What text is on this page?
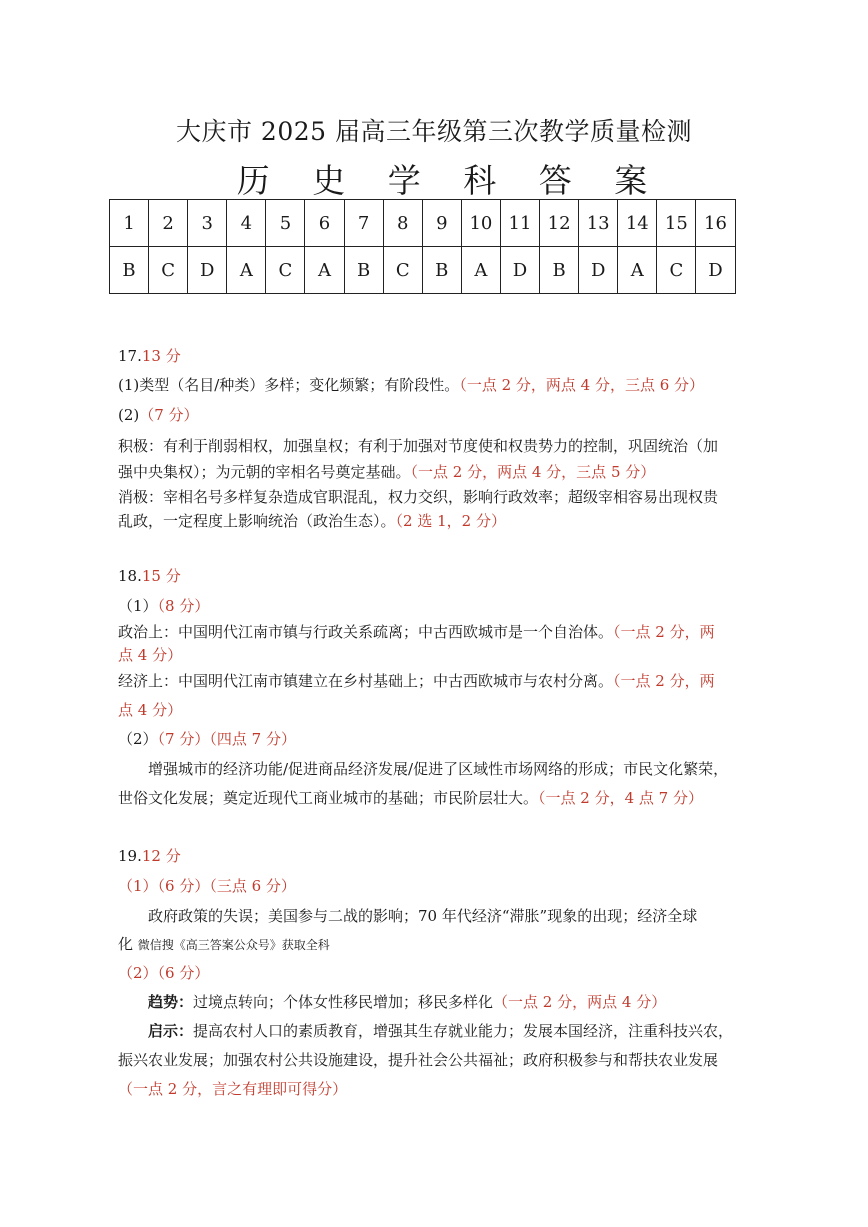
大庆市 2025 届高三年级第三次教学质量检测
历 史 学 科 答 案
1	2	3	4	5	6	7	8	9	10	11	12	13	14	15	16
B	C	D	A	C	A	B	C	B	A	D	B	D	A	C	D
17.13 分
(1)类型（名目/种类）多样；变化频繁；有阶段性。（一点 2 分，两点 4 分，三点 6 分）
(2)（7 分）
积极：有利于削弱相权，加强皇权；有利于加强对节度使和权贵势力的控制，巩固统治（加
强中央集权）；为元朝的宰相名号奠定基础。（一点 2 分，两点 4 分，三点 5 分）
消极：宰相名号多样复杂造成官职混乱，权力交织，影响行政效率；超级宰相容易出现权贵
乱政，一定程度上影响统治（政治生态）。（2 选 1，2 分）
18.15 分
（1）（8 分）
政治上：中国明代江南市镇与行政关系疏离；中古西欧城市是一个自治体。（一点 2 分，两
点 4 分）
经济上：中国明代江南市镇建立在乡村基础上；中古西欧城市与农村分离。（一点 2 分，两
点 4 分）
（2）（7 分）（四点 7 分）
增强城市的经济功能/促进商品经济发展/促进了区域性市场网络的形成；市民文化繁荣，
世俗文化发展；奠定近现代工商业城市的基础；市民阶层壮大。（一点 2 分，4 点 7 分）
19.12 分
（1）（6 分）（三点 6 分）
政府政策的失误；美国参与二战的影响；70 年代经济“滞胀”现象的出现；经济全球
化 微信搜《高三答案公众号》获取全科
（2）（6 分）
趋势：过境点转向；个体女性移民增加；移民多样化（一点 2 分，两点 4 分）
启示：提高农村人口的素质教育，增强其生存就业能力；发展本国经济，注重科技兴农，
振兴农业发展；加强农村公共设施建设，提升社会公共福祉；政府积极参与和帮扶农业发展
（一点 2 分，言之有理即可得分）
